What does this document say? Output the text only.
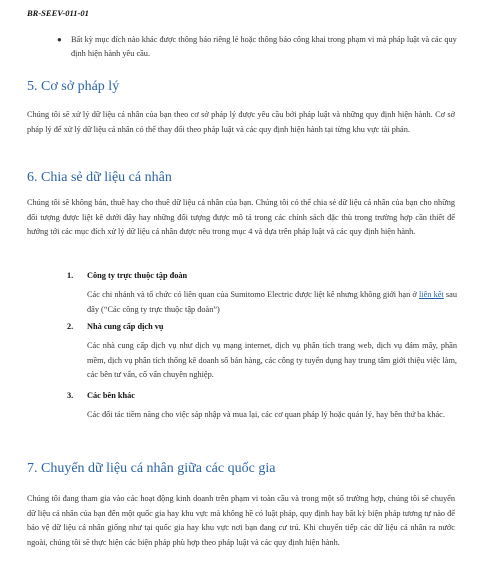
BR-SEEV-011-01
● Bất kỳ mục đích nào khác được thông báo riêng lẻ hoặc thông báo công khai trong phạm vi mà pháp luật và các quy định hiện hành yêu cầu.
5. Cơ sở pháp lý
Chúng tôi sẽ xử lý dữ liệu cá nhân của bạn theo cơ sở pháp lý được yêu cầu bởi pháp luật và những quy định hiện hành. Cơ sở pháp lý để xử lý dữ liệu cá nhân có thể thay đổi theo pháp luật và các quy định hiện hành tại từng khu vực tài phán.
6. Chia sẻ dữ liệu cá nhân
Chúng tôi sẽ không bán, thuê hay cho thuê dữ liệu cá nhân của bạn. Chúng tôi có thể chia sẻ dữ liệu cá nhân của bạn cho những đối tượng được liệt kê dưới đây hay những đối tượng được mô tả trong các chính sách đặc thù trong trường hợp cần thiết để hướng tới các mục đích xử lý dữ liệu cá nhân được nêu trong mục 4 và dựa trên pháp luật và các quy định hiện hành.
1. Công ty trực thuộc tập đoàn
Các chi nhánh và tổ chức có liên quan của Sumitomo Electric được liệt kê nhưng không giới hạn ở liên kết sau đây (“Các công ty trực thuộc tập đoàn”)
2. Nhà cung cấp dịch vụ
Các nhà cung cấp dịch vụ như dịch vụ mạng internet, dịch vụ phân tích trang web, dịch vụ đám mây, phần mềm, dịch vụ phân tích thống kê doanh số bán hàng, các công ty tuyển dụng hay trung tâm giới thiệu việc làm, các bên tư vấn, cố vấn chuyên nghiệp.
3. Các bên khác
Các đối tác tiềm năng cho việc sáp nhập và mua lại, các cơ quan pháp lý hoặc quản lý, hay bên thứ ba khác.
7. Chuyển dữ liệu cá nhân giữa các quốc gia
Chúng tôi đang tham gia vào các hoạt động kinh doanh trên phạm vi toàn cầu và trong một số trường hợp, chúng tôi sẽ chuyển dữ liệu cá nhân của bạn đến một quốc gia hay khu vực mà không hề có luật pháp, quy định hay bất kỳ biện pháp tương tự nào để bảo vệ dữ liệu cá nhân giống như tại quốc gia hay khu vực nơi bạn đang cư trú. Khi chuyển tiếp các dữ liệu cá nhân ra nước ngoài, chúng tôi sẽ thực hiện các biện pháp phù hợp theo pháp luật và các quy định hiện hành.
